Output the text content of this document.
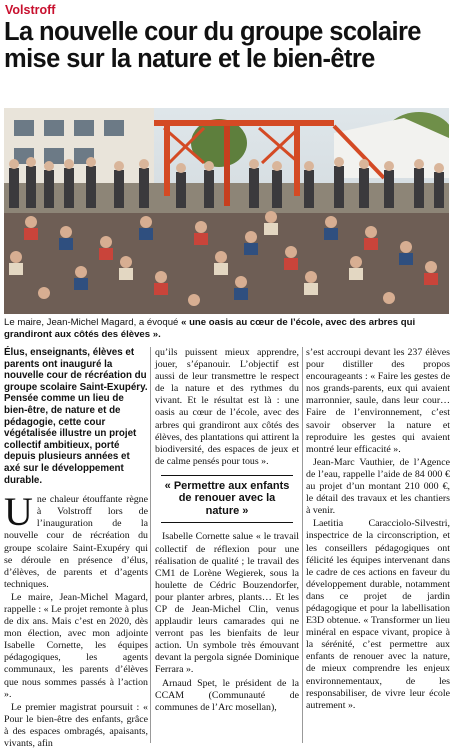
Volstroff
La nouvelle cour du groupe scolaire mise sur la nature et le bien-être
Le maire, Jean-Michel Magard, a évoqué « une oasis au cœur de l’école, avec des arbres qui grandiront aux côtés des élèves ».
Élus, enseignants, élèves et parents ont inauguré la nouvelle cour de récréation du groupe scolaire Saint-Exupéry. Pensée comme un lieu de bien-être, de nature et de pédagogie, cette cour végétalisée illustre un projet collectif ambitieux, porté depuis plusieurs années et axé sur le développement durable.

Une chaleur étouffante règne à Volstroff lors de l’inauguration de la nouvelle cour de récréation du groupe scolaire Saint-Exupéry qui se déroule en présence d’élus, d’élèves, de parents et d’agents techniques.

Le maire, Jean-Michel Magard, rappelle : « Le projet remonte à plus de dix ans. Mais c’est en 2020, dès mon élection, avec mon adjointe Isabelle Cornette, les équipes pédagogiques, les agents communaux, les parents d’élèves que nous sommes passés à l’action ».

Le premier magistrat poursuit : « Pour le bien-être des enfants, grâce à des espaces ombragés, apaisants, vivants, afin

qu’ils puissent mieux apprendre, jouer, s’épanouir. L’objectif est aussi de leur transmettre le respect de la nature et des rythmes du vivant. Et le résultat est là : une oasis au cœur de l’école, avec des arbres qui grandiront aux côtés des élèves, des plantations qui attirent la biodiversité, des espaces de jeux et de calme pensés pour tous ».

« Permettre aux enfants de renouer avec la nature »

Isabelle Cornette salue « le travail collectif de réflexion pour une réalisation de qualité ; le travail des CM1 de Lorène Wegierek, sous la houlette de Cédric Bouzendorfer, pour planter arbres, plants… Et les CP de Jean-Michel Clin, venus applaudir leurs camarades qui ne verront pas les bienfaits de leur action. Un symbole très émouvant devant la pergola signée Dominique Ferrara ».

Arnaud Spet, le président de la CCAM (Communauté de communes de l’Arc mosellan),

s’est accroupi devant les 237 élèves pour distiller des propos encourageants : « Faire les gestes de nos grands-parents, eux qui avaient marronnier, saule, dans leur cour… Faire de l’environnement, c’est savoir observer la nature et reproduire les gestes qui avaient montré leur efficacité ».

Jean-Marc Vauthier, de l’Agence de l’eau, rappelle l’aide de 84 000 € au projet d’un montant 210 000 €, le détail des travaux et les chantiers à venir.

Laetitia Caracciolo-Silvestri, inspectrice de la circonscription, et les conseillers pédagogiques ont félicité les équipes intervenant dans le cadre de ces actions en faveur du développement durable, notamment dans ce projet de jardin pédagogique et pour la labellisation E3D obtenue. « Transformer un lieu minéral en espace vivant, propice à la sérénité, c’est permettre aux enfants de renouer avec la nature, de mieux comprendre les enjeux environnementaux, de les responsabiliser, de vivre leur école autrement ».
